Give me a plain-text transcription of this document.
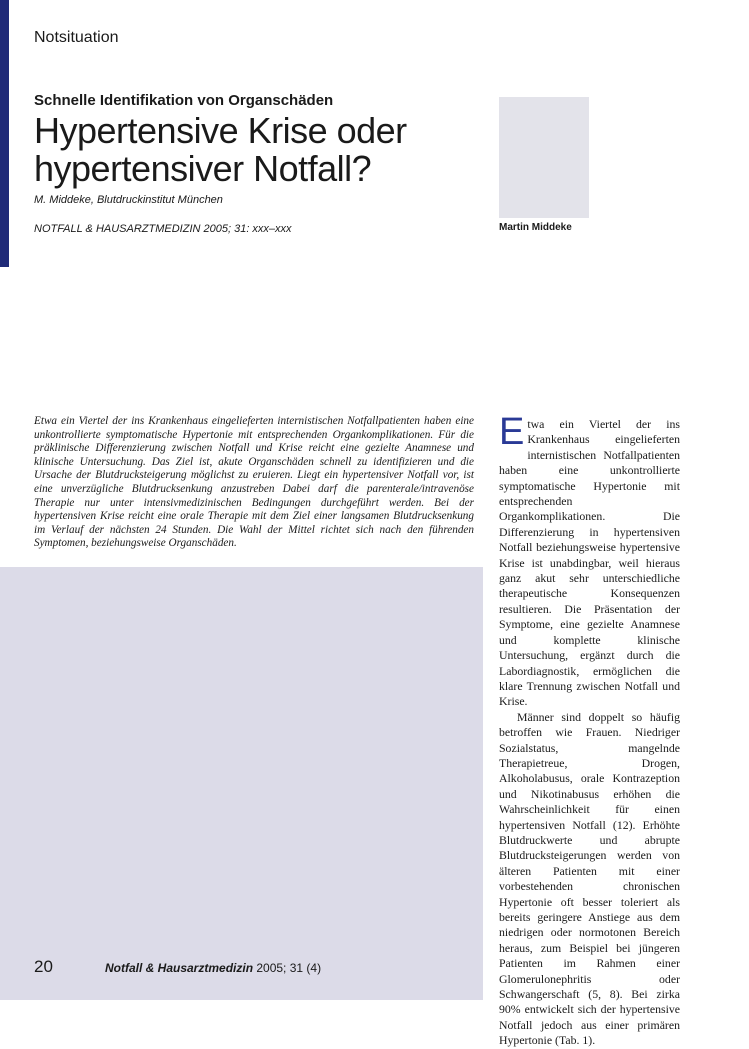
Notsituation
Schnelle Identifikation von Organschäden
Hypertensive Krise oder hypertensiver Notfall?
M. Middeke, Blutdruckinstitut München
NOTFALL & HAUSARZTMEDIZIN 2005; 31: xxx–xxx	Martin Middeke
Etwa ein Viertel der ins Krankenhaus eingelieferten internistischen Notfallpatienten haben eine unkontrollierte symptomatische Hypertonie mit entsprechenden Organkomplikationen. Für die präklinische Differenzierung zwischen Notfall und Krise reicht eine gezielte Anamnese und klinische Untersuchung. Das Ziel ist, akute Organschäden schnell zu identifizieren und die Ursache der Blutdrucksteigerung möglichst zu eruieren. Liegt ein hypertensiver Notfall vor, ist eine unverzügliche Blutdrucksenkung anzustreben Dabei darf die parenterale/intravenöse Therapie nur unter intensivmedizinischen Bedingungen durchgeführt werden. Bei der hypertensiven Krise reicht eine orale Therapie mit dem Ziel einer langsamen Blutdrucksenkung im Verlauf der nächsten 24 Stunden. Die Wahl der Mittel richtet sich nach den führenden Symptomen, beziehungsweise Organschäden.

Etwa ein Viertel der ins Krankenhaus eingelieferten internistischen Notfallpatienten haben eine unkontrollierte symptomatische Hypertonie mit entsprechenden Organkomplikationen. Die Differenzierung in hypertensiven Notfall beziehungsweise hypertensive Krise ist unabdingbar, weil hieraus ganz akut sehr unterschiedliche therapeutische Konsequenzen resultieren. Die Präsentation der Symptome, eine gezielte Anamnese und komplette klinische Untersuchung, ergänzt durch die Labordiagnostik, ermöglichen die klare Trennung zwischen Notfall und Krise.

Männer sind doppelt so häufig betroffen wie Frauen. Niedriger Sozialstatus, mangelnde Therapietreue, Drogen, Alkoholabusus, orale Kontrazeption und Nikotinabusus erhöhen die Wahrscheinlichkeit für einen hypertensiven Notfall (12). Erhöhte Blutdruckwerte und abrupte Blutdrucksteigerungen werden von älteren Patienten mit einer vorbestehenden chronischen Hypertonie oft besser toleriert als bereits geringere Anstiege aus dem niedrigen oder normotonen Bereich heraus, zum Beispiel bei jüngeren Patienten im Rahmen einer Glomerulonephritis oder Schwangerschaft (5, 8). Bei zirka 90% entwickelt sich der hypertensive Notfall jedoch aus einer primären Hypertonie (Tab. 1).

20	Notfall & Hausarztmedizin 2005; 31 (4)
